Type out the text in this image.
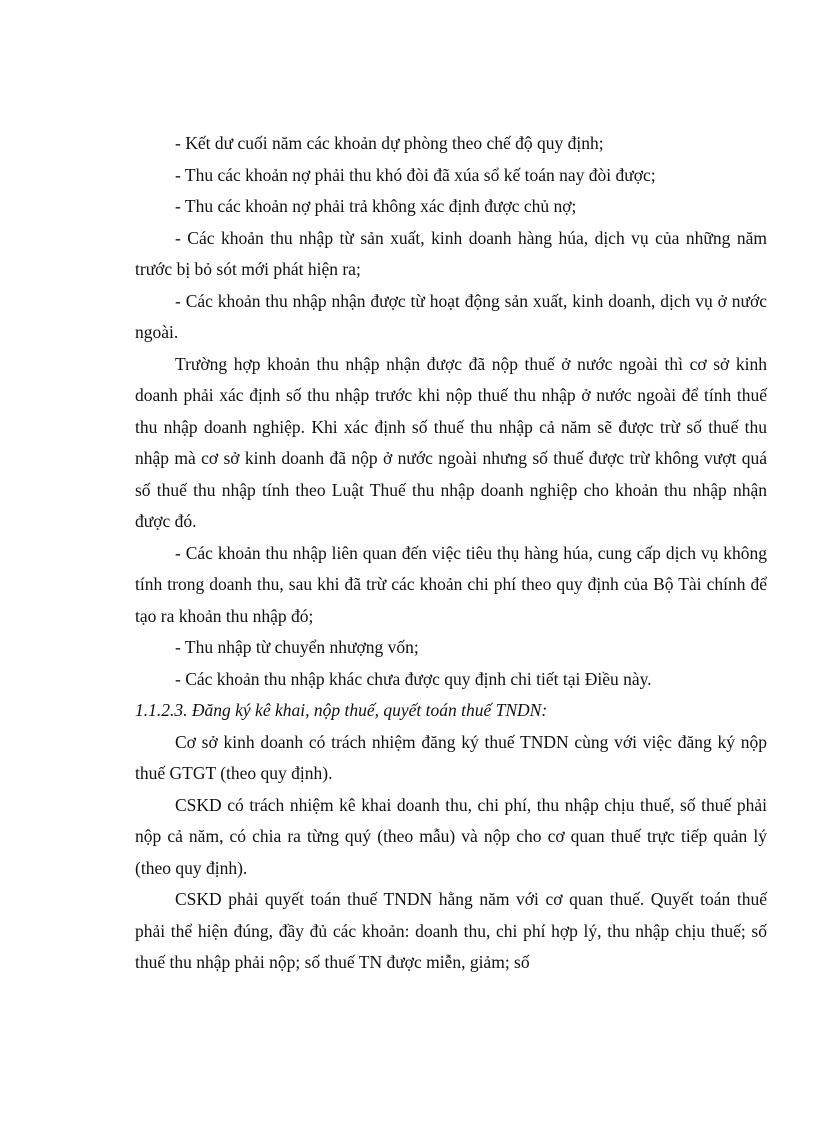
- Kết dư cuối năm các khoản dự phòng theo chế độ quy định;

- Thu các khoản nợ phải thu khó đòi đã xúa sổ kế toán nay đòi được;

- Thu các khoản nợ phải trả không xác định được chủ nợ;

- Các khoản thu nhập từ sản xuất, kinh doanh hàng húa, dịch vụ của những năm trước bị bỏ sót mới phát hiện ra;

- Các khoản thu nhập nhận được từ hoạt động sản xuất, kinh doanh, dịch vụ ở nước ngoài.

Trường hợp khoản thu nhập nhận được đã nộp thuế ở nước ngoài thì cơ sở kinh doanh phải xác định số thu nhập trước khi nộp thuế thu nhập ở nước ngoài để tính thuế thu nhập doanh nghiệp. Khi xác định số thuế thu nhập cả năm sẽ được trừ số thuế thu nhập mà cơ sở kinh doanh đã nộp ở nước ngoài nhưng số thuế được trừ không vượt quá số thuế thu nhập tính theo Luật Thuế thu nhập doanh nghiệp cho khoản thu nhập nhận được đó.

- Các khoản thu nhập liên quan đến việc tiêu thụ hàng húa, cung cấp dịch vụ không tính trong doanh thu, sau khi đã trừ các khoản chi phí theo quy định của Bộ Tài chính để tạo ra khoản thu nhập đó;

- Thu nhập từ chuyển nhượng vốn;

- Các khoản thu nhập khác chưa được quy định chi tiết tại Điều này.

1.1.2.3. Đăng ký kê khai, nộp thuế, quyết toán thuế TNDN:

Cơ sở kinh doanh có trách nhiệm đăng ký thuế TNDN cùng với việc đăng ký nộp thuế GTGT (theo quy định).

CSKD có trách nhiệm kê khai doanh thu, chi phí, thu nhập chịu thuế, số thuế phải nộp cả năm, có chia ra từng quý (theo mẫu) và nộp cho cơ quan thuế trực tiếp quản lý (theo quy định).

CSKD phải quyết toán thuế TNDN hằng năm với cơ quan thuế. Quyết toán thuế phải thể hiện đúng, đầy đủ các khoản: doanh thu, chi phí hợp lý, thu nhập chịu thuế; số thuế thu nhập phải nộp; số thuế TN được miễn, giảm; số
